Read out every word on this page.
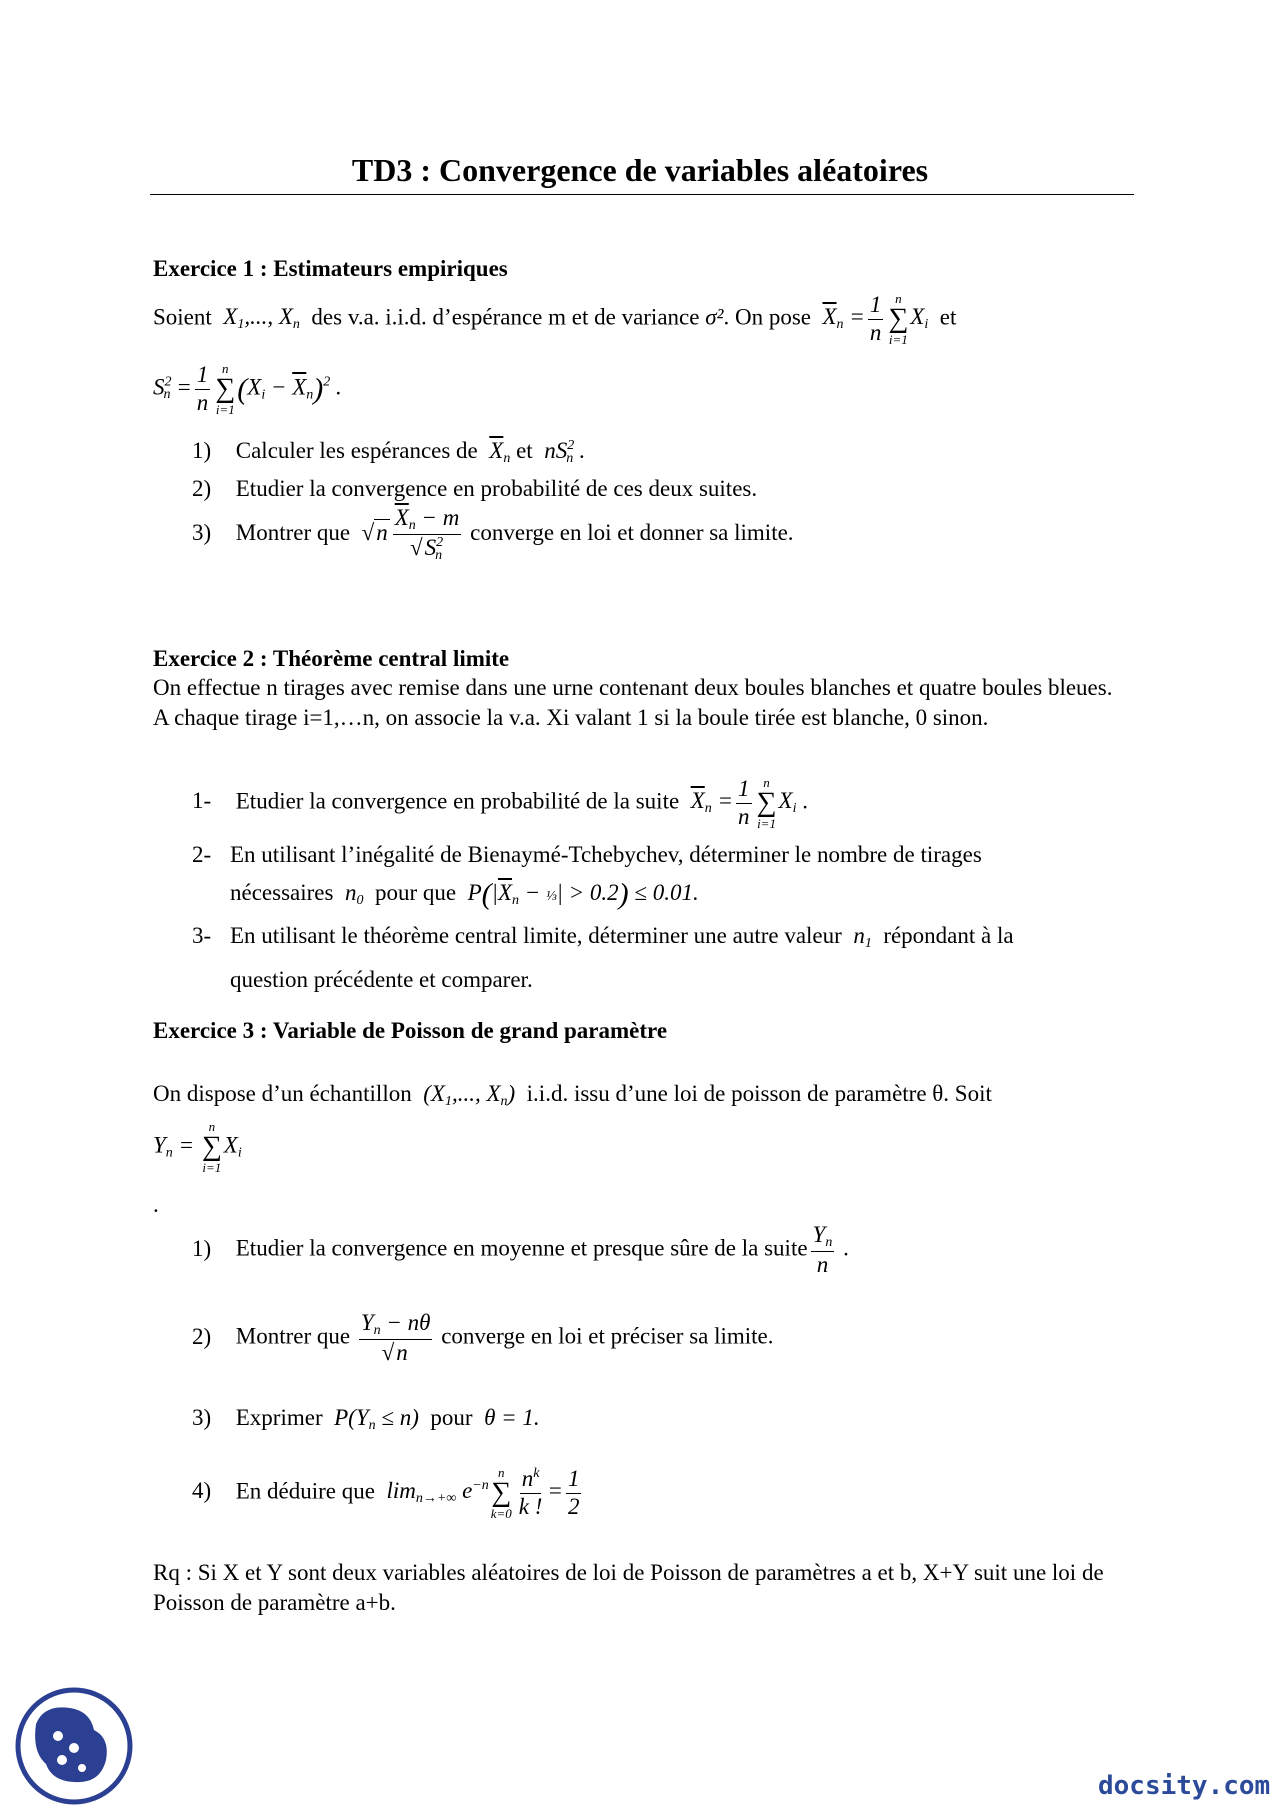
TD3 : Convergence de variables aléatoires
Exercice 1 : Estimateurs empiriques
Soient  $X_1$,..., $X_n$ des v.a. i.i.d. d’espérance m et de variance σ². On pose $\overline{X}_n = \frac{1}{n}$ n
∑
i=1
$X_i$ et
$S^2_n = \frac{1}{n}$ n
∑
i=1
$(X_i - \overline{X}_n)^2$ .
1) Calculer les espérances de $\overline{X}_n$ et  $nS^2_n$ .
2) Etudier la convergence en probabilité de ces deux suites.
3) Montrer que $√n \frac{\overline{X}_n - m}{√S^2_n}$ converge en loi et donner sa limite.
Exercice 2 : Théorème central limite
On effectue n tirages avec remise dans une urne contenant deux boules blanches et quatre boules bleues. A chaque tirage i=1,…n, on associe la v.a. Xi valant 1 si la boule tirée est blanche, 0 sinon.
1- Etudier la convergence en probabilité de la suite $\overline{X}_n = \frac{1}{n}$ n
∑
i=1
$X_i$ .
2- En utilisant l’inégalité de Bienaymé-Tchebychev, déterminer le nombre de tirages
nécessaires  $n_0$ pour que  $P(|\overline{X}_n$ − ⅓| > 0.2) ≤ 0.01.
3- En utilisant le théorème central limite, déterminer une autre valeur  $n_1$ répondant à la
question précédente et comparer.
Exercice 3 : Variable de Poisson de grand paramètre
On dispose d’un échantillon  ($X_1$,..., $X_n$)  i.i.d. issu d’une loi de poisson de paramètre θ. Soit
$Y_n$ =
n
∑
i=1
$X_i$
.
1) Etudier la convergence en moyenne et presque sûre de la suite $\frac{Y_n}{n}$ .
2) Montrer que $\frac{Y_n - n\theta}{√n}$ converge en loi et préciser sa limite.
3) Exprimer  $P(Y_n \le n)$  pour  θ = 1.
4) En déduire que  $\lim_{n\to+\infty} e^{-n}$
n
∑
$k=0 \frac{n^k}{k !} = \frac{1}{2}$
Rq : Si X et Y sont deux variables aléatoires de loi de Poisson de paramètres a et b, X+Y suit une loi de Poisson de paramètre a+b.
docsity.com
